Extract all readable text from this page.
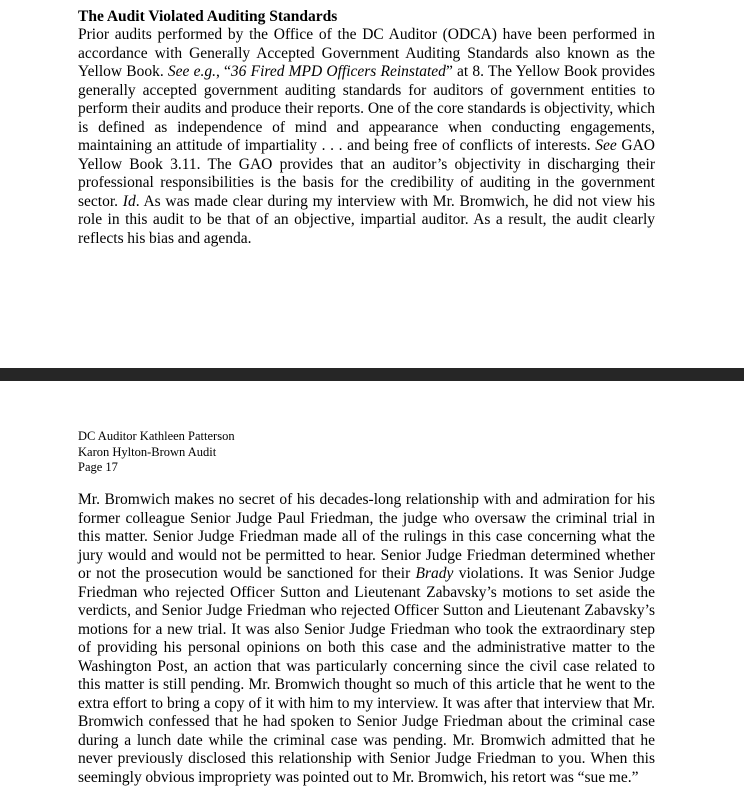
The Audit Violated Auditing Standards

Prior audits performed by the Office of the DC Auditor (ODCA) have been performed in accordance with Generally Accepted Government Auditing Standards also known as the Yellow Book. See e.g., “36 Fired MPD Officers Reinstated” at 8. The Yellow Book provides generally accepted government auditing standards for auditors of government entities to perform their audits and produce their reports. One of the core standards is objectivity, which is defined as independence of mind and appearance when conducting engagements, maintaining an attitude of impartiality . . . and being free of conflicts of interests. See GAO Yellow Book 3.11. The GAO provides that an auditor’s objectivity in discharging their professional responsibilities is the basis for the credibility of auditing in the government sector. Id. As was made clear during my interview with Mr. Bromwich, he did not view his role in this audit to be that of an objective, impartial auditor. As a result, the audit clearly reflects his bias and agenda.

DC Auditor Kathleen Patterson
Karon Hylton-Brown Audit
Page 17

Mr. Bromwich makes no secret of his decades-long relationship with and admiration for his former colleague Senior Judge Paul Friedman, the judge who oversaw the criminal trial in this matter. Senior Judge Friedman made all of the rulings in this case concerning what the jury would and would not be permitted to hear. Senior Judge Friedman determined whether or not the prosecution would be sanctioned for their Brady violations. It was Senior Judge Friedman who rejected Officer Sutton and Lieutenant Zabavsky’s motions to set aside the verdicts, and Senior Judge Friedman who rejected Officer Sutton and Lieutenant Zabavsky’s motions for a new trial. It was also Senior Judge Friedman who took the extraordinary step of providing his personal opinions on both this case and the administrative matter to the Washington Post, an action that was particularly concerning since the civil case related to this matter is still pending. Mr. Bromwich thought so much of this article that he went to the extra effort to bring a copy of it with him to my interview. It was after that interview that Mr. Bromwich confessed that he had spoken to Senior Judge Friedman about the criminal case during a lunch date while the criminal case was pending. Mr. Bromwich admitted that he never previously disclosed this relationship with Senior Judge Friedman to you. When this seemingly obvious impropriety was pointed out to Mr. Bromwich, his retort was “sue me.”
